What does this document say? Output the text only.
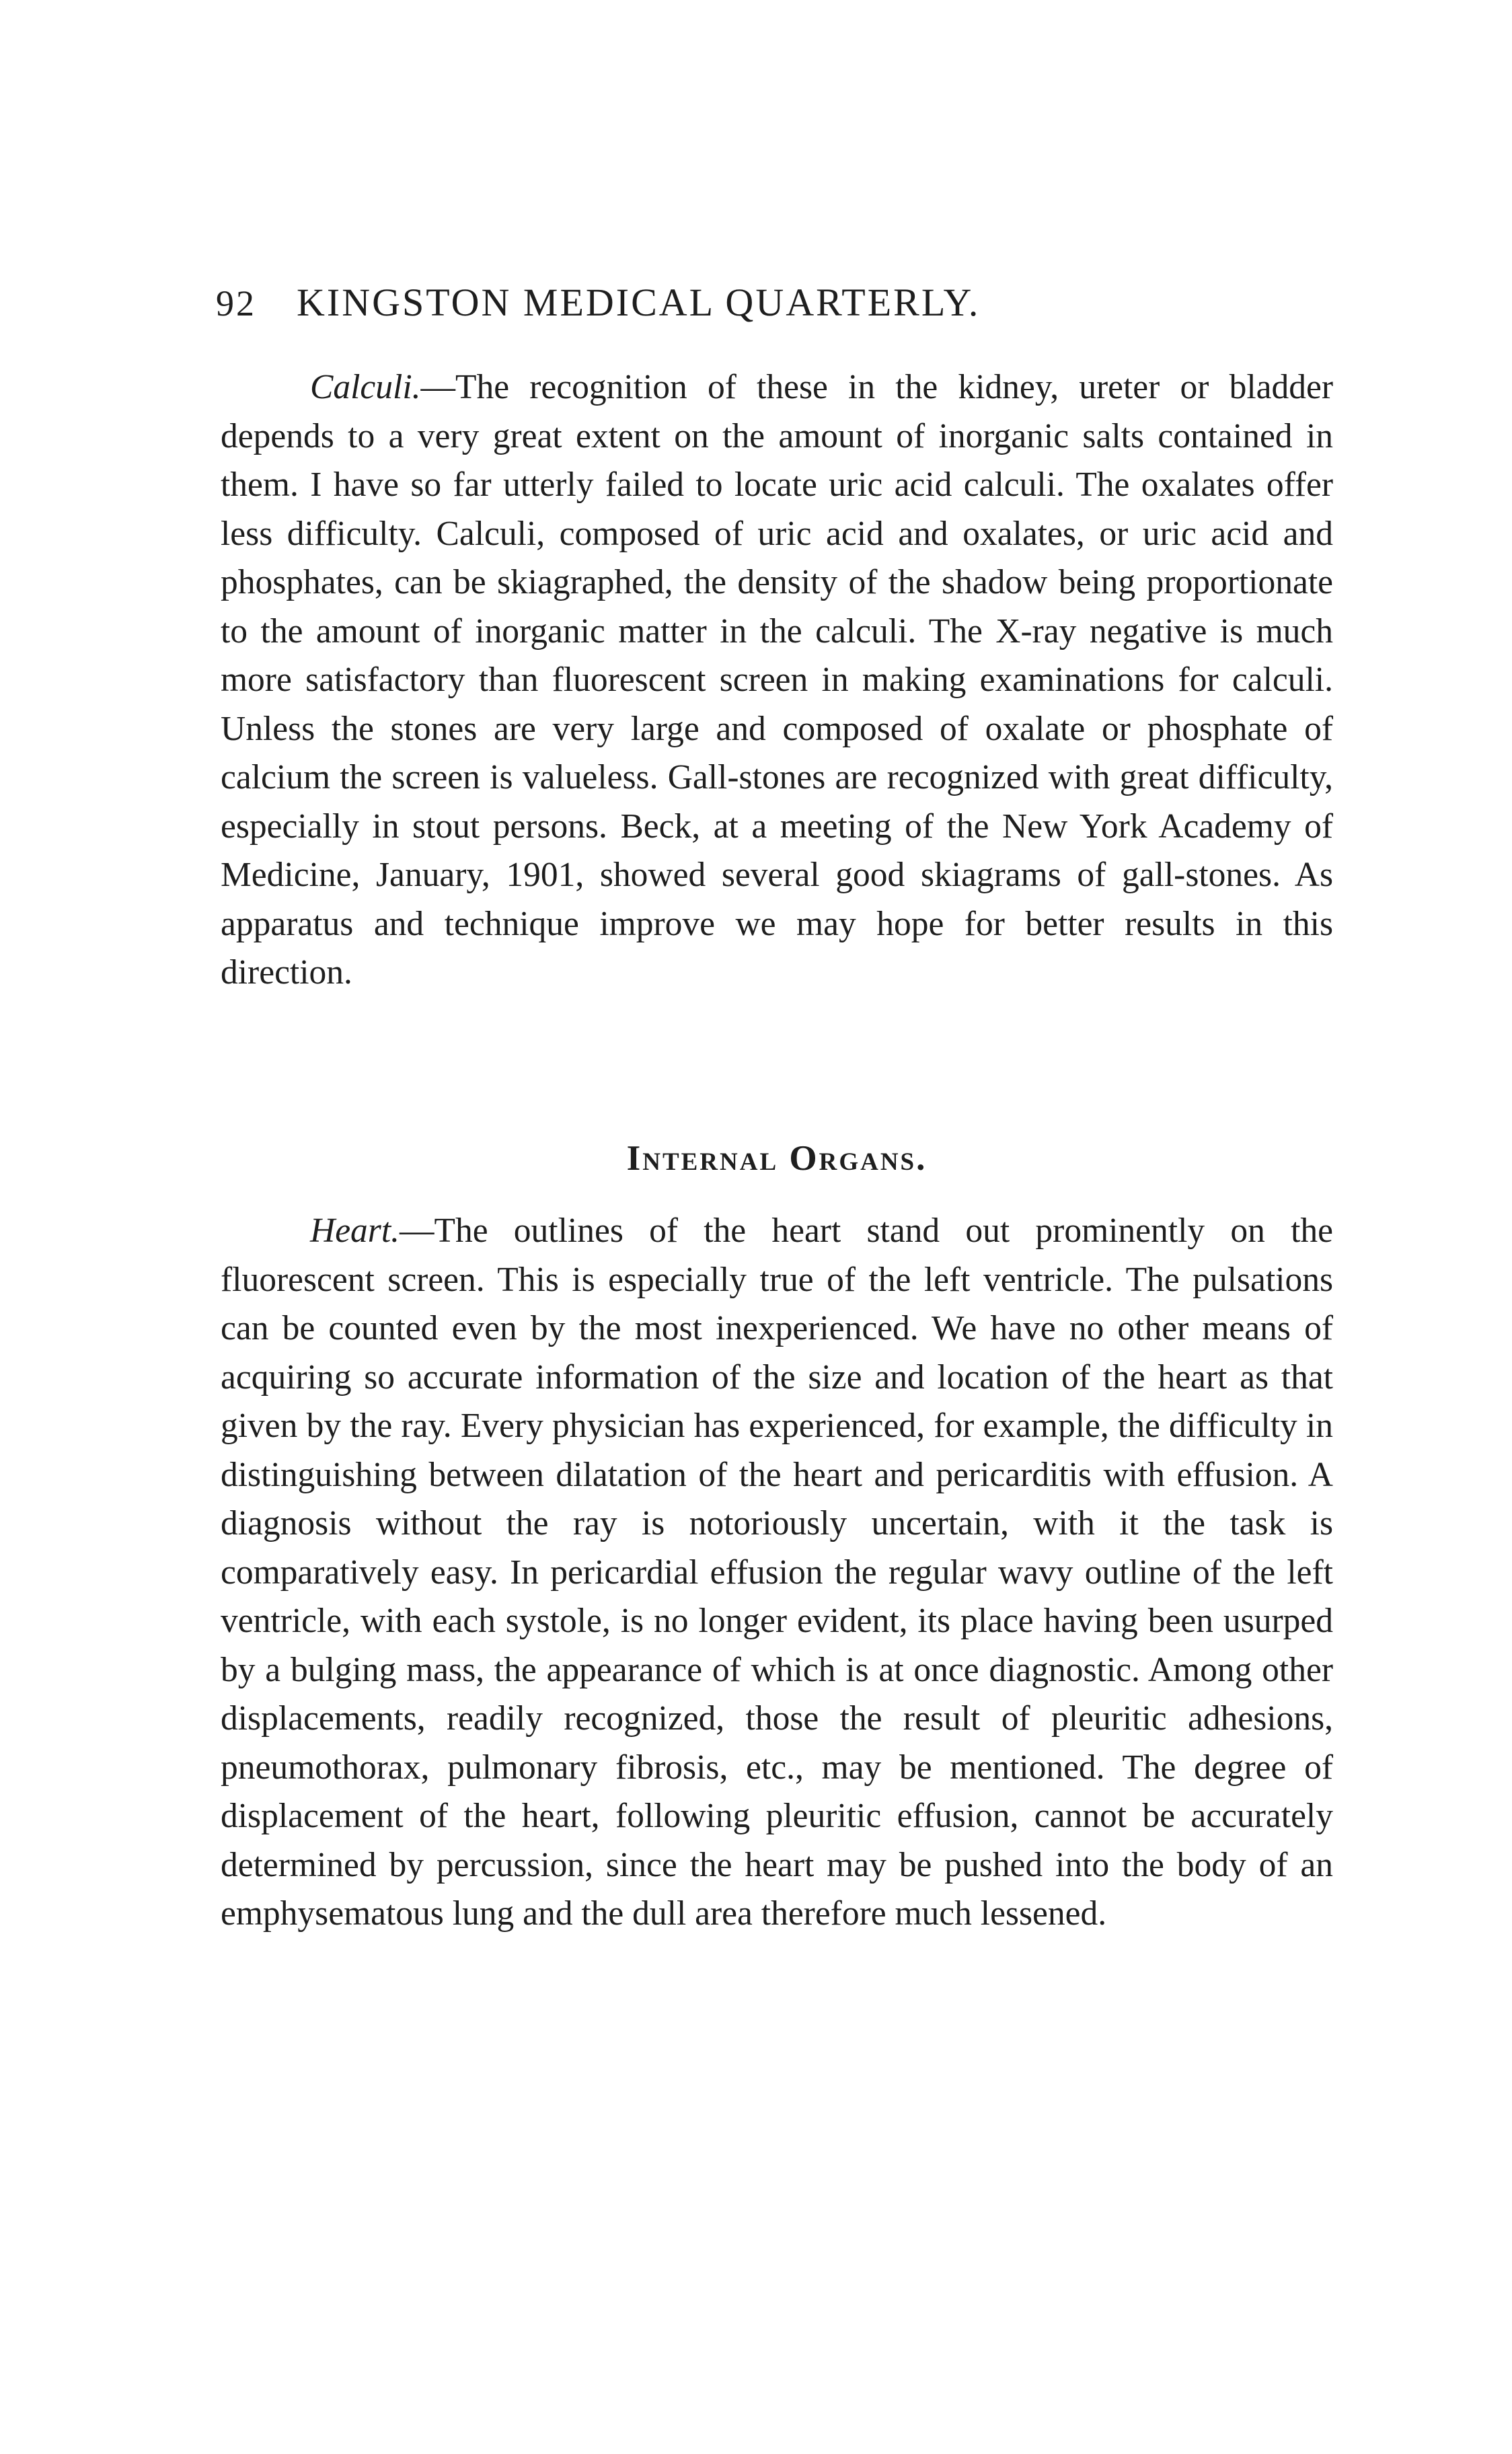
92 KINGSTON MEDICAL QUARTERLY.

Calculi.—The recognition of these in the kidney, ureter or bladder depends to a very great extent on the amount of inorganic salts contained in them. I have so far utterly failed to locate uric acid calculi. The oxalates offer less difficulty. Calculi, composed of uric acid and oxalates, or uric acid and phosphates, can be skiagraphed, the density of the shadow being proportionate to the amount of inorganic matter in the calculi. The X-ray negative is much more satisfactory than fluorescent screen in making examinations for calculi. Unless the stones are very large and composed of oxalate or phosphate of calcium the screen is valueless. Gall-stones are recognized with great difficulty, especially in stout persons. Beck, at a meeting of the New York Academy of Medicine, January, 1901, showed several good skiagrams of gall-stones. As apparatus and technique improve we may hope for better results in this direction.

Internal Organs.

Heart.—The outlines of the heart stand out prominently on the fluorescent screen. This is especially true of the left ventricle. The pulsations can be counted even by the most inexperienced. We have no other means of acquiring so accurate information of the size and location of the heart as that given by the ray. Every physician has experienced, for example, the difficulty in distinguishing between dilatation of the heart and pericarditis with effusion. A diagnosis without the ray is notoriously uncertain, with it the task is comparatively easy. In pericardial effusion the regular wavy outline of the left ventricle, with each systole, is no longer evident, its place having been usurped by a bulging mass, the appearance of which is at once diagnostic. Among other displacements, readily recognized, those the result of pleuritic adhesions, pneumothorax, pulmonary fibrosis, etc., may be mentioned. The degree of displacement of the heart, following pleuritic effusion, cannot be accurately determined by percussion, since the heart may be pushed into the body of an emphysematous lung and the dull area therefore much lessened.
